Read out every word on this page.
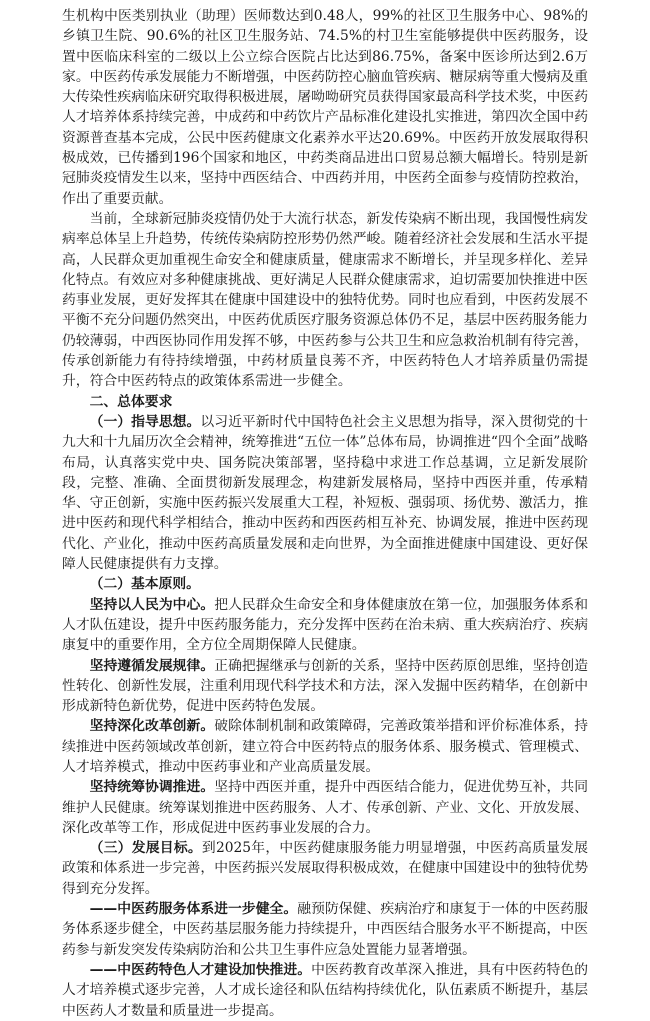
生机构中医类别执业（助理）医师数达到0.48人，99%的社区卫生服务中心、98%的乡镇卫生院、90.6%的社区卫生服务站、74.5%的村卫生室能够提供中医药服务，设置中医临床科室的二级以上公立综合医院占比达到86.75%，备案中医诊所达到2.6万家。中医药传承发展能力不断增强，中医药防控心脑血管疾病、糖尿病等重大慢病及重大传染性疾病临床研究取得积极进展，屠呦呦研究员获得国家最高科学技术奖，中医药人才培养体系持续完善，中成药和中药饮片产品标准化建设扎实推进，第四次全国中药资源普查基本完成，公民中医药健康文化素养水平达20.69%。中医药开放发展取得积极成效，已传播到196个国家和地区，中药类商品进出口贸易总额大幅增长。特别是新冠肺炎疫情发生以来，坚持中西医结合、中西药并用，中医药全面参与疫情防控救治，作出了重要贡献。

当前，全球新冠肺炎疫情仍处于大流行状态，新发传染病不断出现，我国慢性病发病率总体呈上升趋势，传统传染病防控形势仍然严峻。随着经济社会发展和生活水平提高，人民群众更加重视生命安全和健康质量，健康需求不断增长，并呈现多样化、差异化特点。有效应对多种健康挑战、更好满足人民群众健康需求，迫切需要加快推进中医药事业发展，更好发挥其在健康中国建设中的独特优势。同时也应看到，中医药发展不平衡不充分问题仍然突出，中医药优质医疗服务资源总体仍不足，基层中医药服务能力仍较薄弱，中西医协同作用发挥不够，中医药参与公共卫生和应急救治机制有待完善，传承创新能力有待持续增强，中药材质量良莠不齐，中医药特色人才培养质量仍需提升，符合中医药特点的政策体系需进一步健全。

二、总体要求

（一）指导思想。以习近平新时代中国特色社会主义思想为指导，深入贯彻党的十九大和十九届历次全会精神，统筹推进“五位一体”总体布局，协调推进“四个全面”战略布局，认真落实党中央、国务院决策部署，坚持稳中求进工作总基调，立足新发展阶段，完整、准确、全面贯彻新发展理念，构建新发展格局，坚持中西医并重，传承精华、守正创新，实施中医药振兴发展重大工程，补短板、强弱项、扬优势、激活力，推进中医药和现代科学相结合，推动中医药和西医药相互补充、协调发展，推进中医药现代化、产业化，推动中医药高质量发展和走向世界，为全面推进健康中国建设、更好保障人民健康提供有力支撑。

（二）基本原则。

坚持以人民为中心。把人民群众生命安全和身体健康放在第一位，加强服务体系和人才队伍建设，提升中医药服务能力，充分发挥中医药在治未病、重大疾病治疗、疾病康复中的重要作用，全方位全周期保障人民健康。

坚持遵循发展规律。正确把握继承与创新的关系，坚持中医药原创思维，坚持创造性转化、创新性发展，注重利用现代科学技术和方法，深入发掘中医药精华，在创新中形成新特色新优势，促进中医药特色发展。

坚持深化改革创新。破除体制机制和政策障碍，完善政策举措和评价标准体系，持续推进中医药领域改革创新，建立符合中医药特点的服务体系、服务模式、管理模式、人才培养模式，推动中医药事业和产业高质量发展。

坚持统筹协调推进。坚持中西医并重，提升中西医结合能力，促进优势互补，共同维护人民健康。统筹谋划推进中医药服务、人才、传承创新、产业、文化、开放发展、深化改革等工作，形成促进中医药事业发展的合力。

（三）发展目标。到2025年，中医药健康服务能力明显增强，中医药高质量发展政策和体系进一步完善，中医药振兴发展取得积极成效，在健康中国建设中的独特优势得到充分发挥。

——中医药服务体系进一步健全。融预防保健、疾病治疗和康复于一体的中医药服务体系逐步健全，中医药基层服务能力持续提升，中西医结合服务水平不断提高，中医药参与新发突发传染病防治和公共卫生事件应急处置能力显著增强。

——中医药特色人才建设加快推进。中医药教育改革深入推进，具有中医药特色的人才培养模式逐步完善，人才成长途径和队伍结构持续优化，队伍素质不断提升，基层中医药人才数量和质量进一步提高。
